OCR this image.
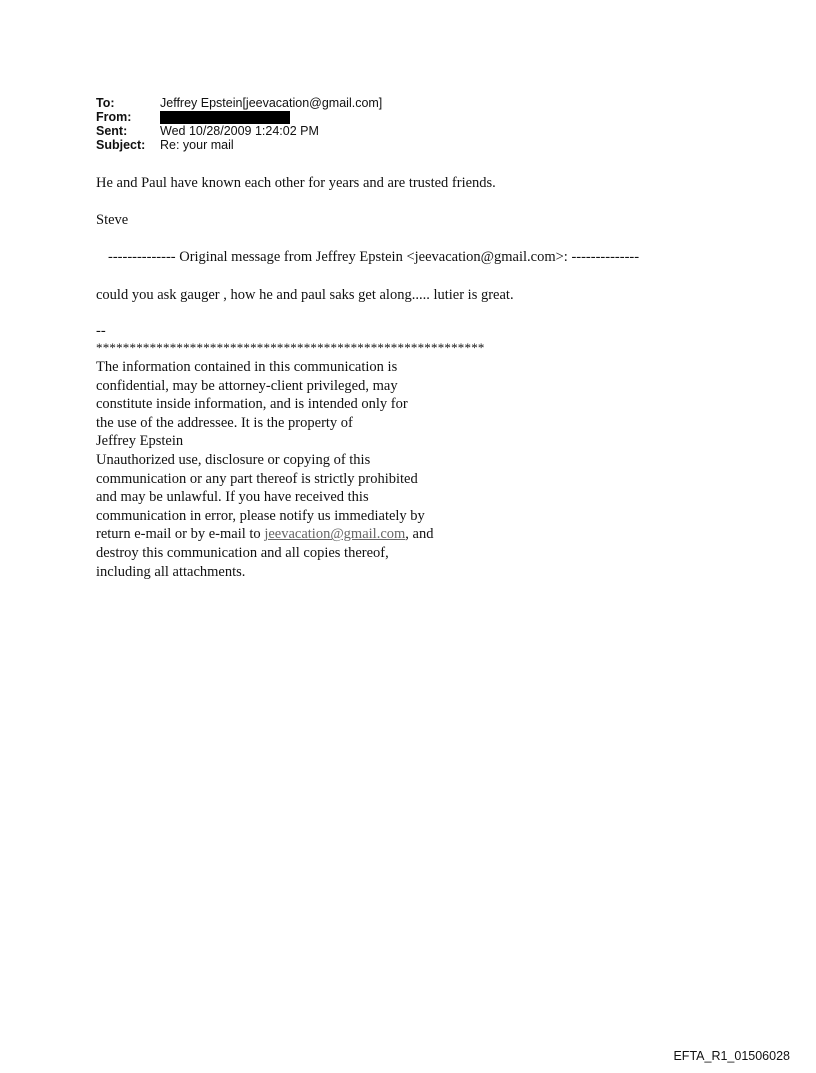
To:	Jeffrey Epstein[jeevacation@gmail.com]
From:
Sent:	Wed 10/28/2009 1:24:02 PM
Subject:	Re: your mail
He and Paul have known each other for years and are trusted friends.
Steve
-------------- Original message from Jeffrey Epstein <jeevacation@gmail.com>: --------------
could you ask gauger , how he and paul saks get along..... lutier is great.
--
**********************************************************
The information contained in this communication is
confidential, may be attorney-client privileged, may
constitute inside information, and is intended only for
the use of the addressee. It is the property of
Jeffrey Epstein
Unauthorized use, disclosure or copying of this
communication or any part thereof is strictly prohibited
and may be unlawful. If you have received this
communication in error, please notify us immediately by
return e-mail or by e-mail to jeevacation@gmail.com, and
destroy this communication and all copies thereof,
including all attachments.
EFTA_R1_01506028
